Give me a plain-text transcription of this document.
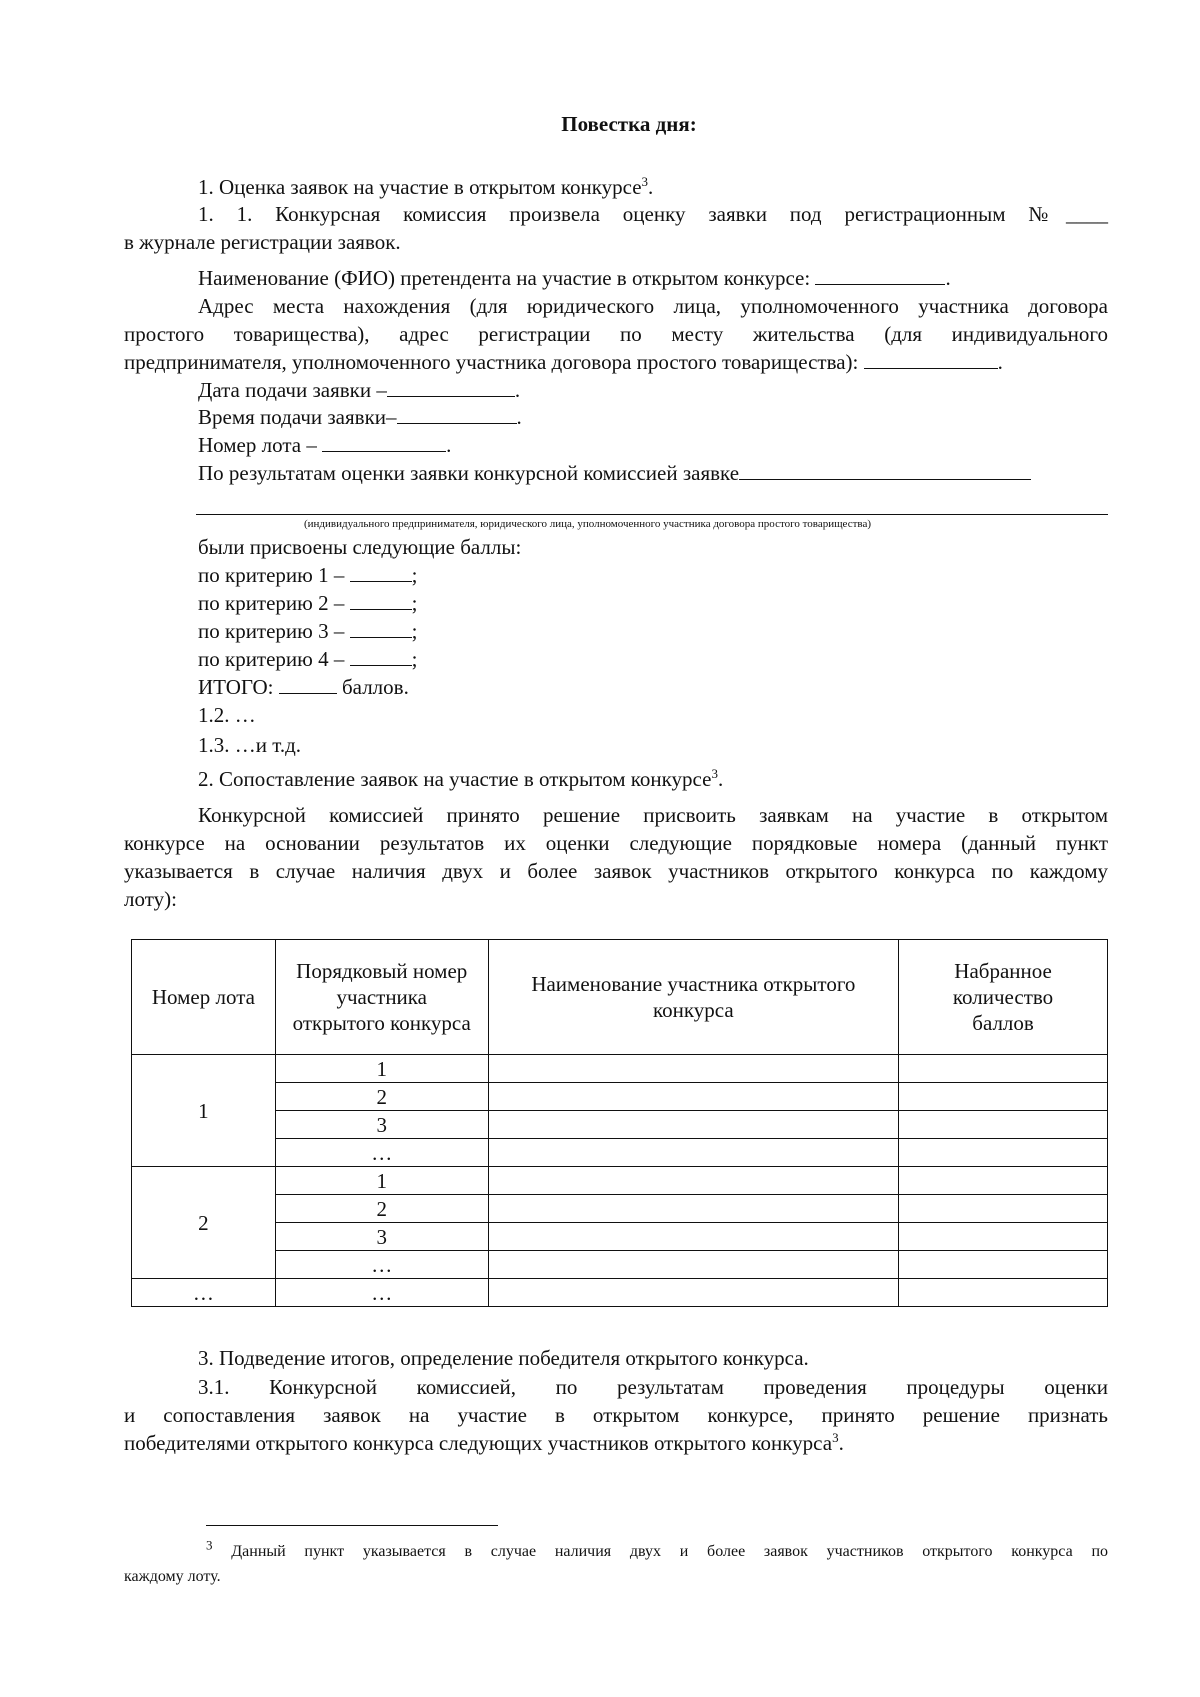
Повестка дня:
1. Оценка заявок на участие в открытом конкурсе$^3$.
1. 1. Конкурсная комиссия произвела оценку заявки под регистрационным №____
в журнале регистрации заявок.
Наименование (ФИО) претендента на участие в открытом конкурсе:	.
Адрес места нахождения (для юридического лица, уполномоченного участника договора
простого товарищества), адрес регистрации по месту жительства (для индивидуального
предпринимателя, уполномоченного участника договора простого товарищества):	.
Дата подачи заявки –	.
Время подачи заявки–	.
Номер лота –	.
По результатам оценки заявки конкурсной комиссией заявке
(индивидуального предпринимателя, юридического лица, уполномоченного участника договора простого товарищества)
были присвоены следующие баллы:
по критерию 1 –	;
по критерию 2 –	;
по критерию 3 –	;
по критерию 4 –	;
ИТОГО:	баллов.
1.2. …
1.3. …и т.д.
2. Сопоставление заявок на участие в открытом конкурсе$^3$.
Конкурсной комиссией принято решение присвоить заявкам на участие в открытом
конкурсе на основании результатов их оценки следующие порядковые номера (данный пункт
указывается в случае наличия двух и более заявок участников открытого конкурса по каждому
лоту):
Номер лота	Порядковый номер участника открытого конкурса	Наименование участника открытого конкурса	Набранное количество баллов
1	1		
	2		
	3		
	…		
2	1		
	2		
	3		
	…		
…	…		
3. Подведение итогов, определение победителя открытого конкурса.
3.1. Конкурсной комиссией, по результатам проведения процедуры оценки
и сопоставления заявок на участие в открытом конкурсе, принято решение признать
победителями открытого конкурса следующих участников открытого конкурса$^3$.
$^3$ Данный пункт указывается в случае наличия двух и более заявок участников открытого конкурса по
каждому лоту.
